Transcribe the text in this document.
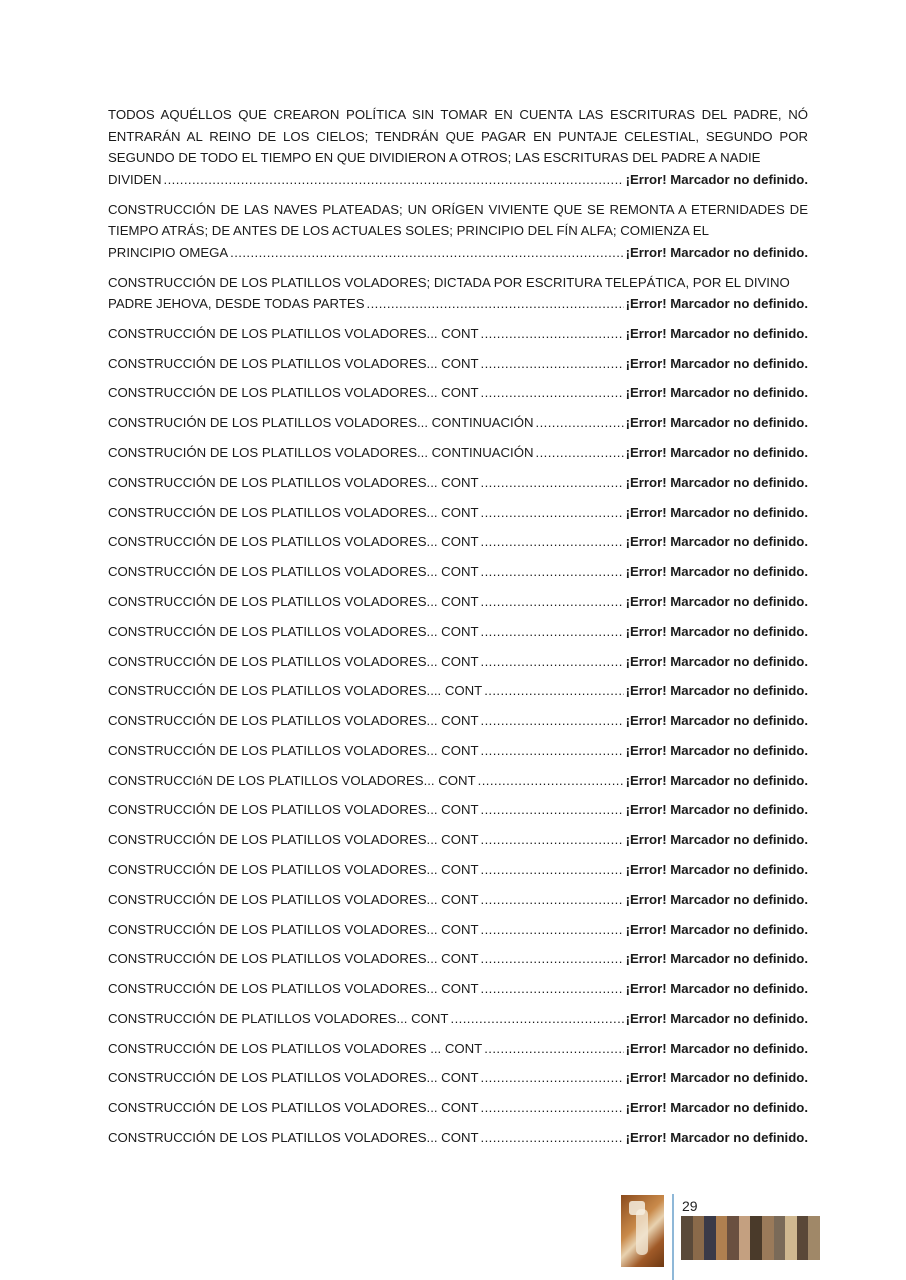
TODOS AQUÉLLOS QUE CREARON POLÍTICA SIN TOMAR EN CUENTA LAS ESCRITURAS DEL PADRE, NÓ ENTRARÁN AL REINO DE LOS CIELOS; TENDRÁN QUE PAGAR EN PUNTAJE CELESTIAL, SEGUNDO POR SEGUNDO DE TODO EL TIEMPO EN QUE DIVIDIERON A OTROS; LAS ESCRITURAS DEL PADRE A NADIE
DIVIDEN .....	¡Error! Marcador no definido.
CONSTRUCCIÓN DE LAS NAVES PLATEADAS; UN ORÍGEN VIVIENTE QUE SE REMONTA A ETERNIDADES DE TIEMPO ATRÁS; DE ANTES DE LOS ACTUALES SOLES; PRINCIPIO DEL FÍN ALFA; COMIENZA EL
PRINCIPIO OMEGA .....	¡Error! Marcador no definido.
CONSTRUCCIÓN DE LOS PLATILLOS VOLADORES; DICTADA POR ESCRITURA TELEPÁTICA, POR EL DIVINO
PADRE JEHOVA, DESDE TODAS PARTES .....	¡Error! Marcador no definido.
CONSTRUCCIÓN DE LOS PLATILLOS VOLADORES... CONT .....	¡Error! Marcador no definido.
CONSTRUCCIÓN DE LOS PLATILLOS VOLADORES... CONT .....	¡Error! Marcador no definido.
CONSTRUCCIÓN DE LOS PLATILLOS VOLADORES... CONT .....	¡Error! Marcador no definido.
CONSTRUCIÓN DE LOS PLATILLOS VOLADORES... CONTINUACIÓN .....	¡Error! Marcador no definido.
CONSTRUCIÓN DE LOS PLATILLOS VOLADORES... CONTINUACIÓN .....	¡Error! Marcador no definido.
CONSTRUCCIÓN DE LOS PLATILLOS VOLADORES... CONT .....	¡Error! Marcador no definido.
CONSTRUCCIÓN DE LOS PLATILLOS VOLADORES... CONT .....	¡Error! Marcador no definido.
CONSTRUCCIÓN DE LOS PLATILLOS VOLADORES... CONT .....	¡Error! Marcador no definido.
CONSTRUCCIÓN DE LOS PLATILLOS VOLADORES... CONT .....	¡Error! Marcador no definido.
CONSTRUCCIÓN DE LOS PLATILLOS VOLADORES... CONT .....	¡Error! Marcador no definido.
CONSTRUCCIÓN DE LOS PLATILLOS VOLADORES... CONT .....	¡Error! Marcador no definido.
CONSTRUCCIÓN DE LOS PLATILLOS VOLADORES... CONT .....	¡Error! Marcador no definido.
CONSTRUCCIÓN DE LOS PLATILLOS VOLADORES.... CONT .....	¡Error! Marcador no definido.
CONSTRUCCIÓN DE LOS PLATILLOS VOLADORES... CONT .....	¡Error! Marcador no definido.
CONSTRUCCIÓN DE LOS PLATILLOS VOLADORES... CONT .....	¡Error! Marcador no definido.
CONSTRUCCIóN DE LOS PLATILLOS VOLADORES... CONT .....	¡Error! Marcador no definido.
CONSTRUCCIÓN DE LOS PLATILLOS VOLADORES... CONT .....	¡Error! Marcador no definido.
CONSTRUCCIÓN DE LOS PLATILLOS VOLADORES... CONT .....	¡Error! Marcador no definido.
CONSTRUCCIÓN DE LOS PLATILLOS VOLADORES... CONT .....	¡Error! Marcador no definido.
CONSTRUCCIÓN DE LOS PLATILLOS VOLADORES... CONT .....	¡Error! Marcador no definido.
CONSTRUCCIÓN DE LOS PLATILLOS VOLADORES... CONT .....	¡Error! Marcador no definido.
CONSTRUCCIÓN DE LOS PLATILLOS VOLADORES... CONT .....	¡Error! Marcador no definido.
CONSTRUCCIÓN DE LOS PLATILLOS VOLADORES... CONT .....	¡Error! Marcador no definido.
CONSTRUCCIÓN DE PLATILLOS VOLADORES... CONT .....	¡Error! Marcador no definido.
CONSTRUCCIÓN DE LOS PLATILLOS VOLADORES ... CONT .....	¡Error! Marcador no definido.
CONSTRUCCIÓN DE LOS PLATILLOS VOLADORES... CONT .....	¡Error! Marcador no definido.
CONSTRUCCIÓN DE LOS PLATILLOS VOLADORES... CONT .....	¡Error! Marcador no definido.
CONSTRUCCIÓN DE LOS PLATILLOS VOLADORES... CONT .....	¡Error! Marcador no definido.
29
